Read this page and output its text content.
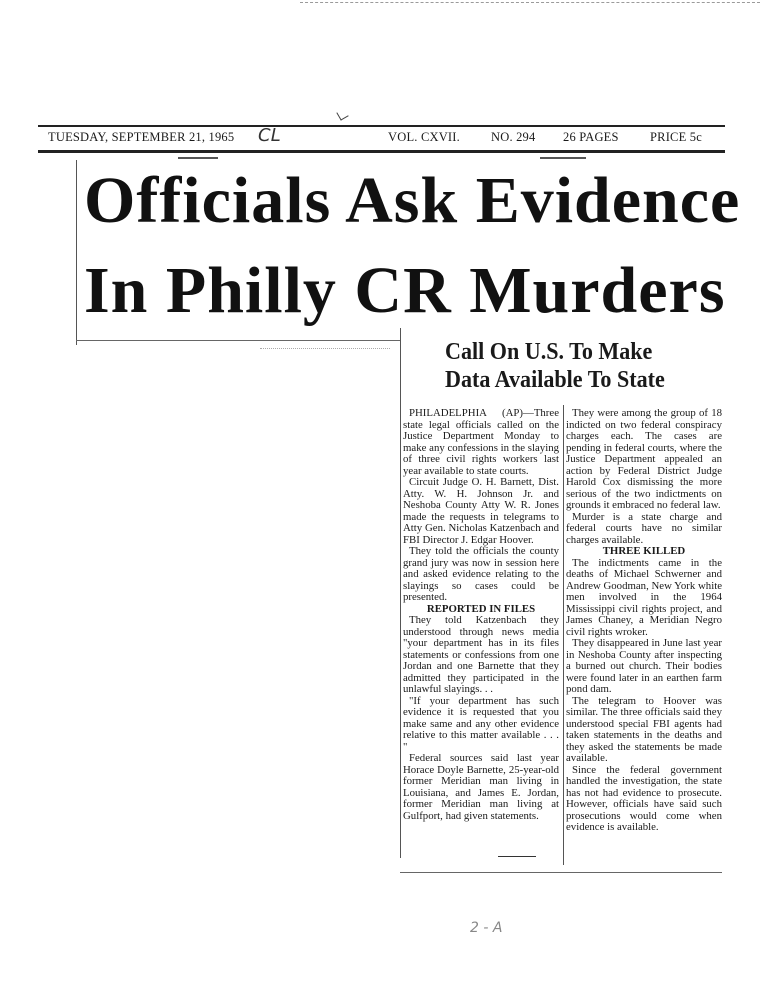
TUESDAY, SEPTEMBER 21, 1965 CL	VOL. CXVII. NO. 294 26 PAGES	PRICE 5c
Officials Ask Evidence
In Philly CR Murders
Call On U.S. To Make
Data Available To State

PHILADELPHIA (AP)—Three state legal officials called on the Justice Department Monday to make any confessions in the slaying of three civil rights workers last year available to state courts.

Circuit Judge O. H. Barnett, Dist. Atty. W. H. Johnson Jr. and Neshoba County Atty W. R. Jones made the requests in telegrams to Atty Gen. Nicholas Katzenbach and FBI Director J. Edgar Hoover.

They told the officials the county grand jury was now in session here and asked evidence relating to the slayings so cases could be presented.

REPORTED IN FILES

They told Katzenbach they understood through news media "your department has in its files statements or confessions from one Jordan and one Barnette that they admitted they participated in the unlawful slayings. . .

"If your department has such evidence it is requested that you make same and any other evidence relative to this matter available . . . "

Federal sources said last year Horace Doyle Barnette, 25-year-old former Meridian man living in Louisiana, and James E. Jordan, former Meridian man living at Gulfport, had given statements.

They were among the group of 18 indicted on two federal conspiracy charges each. The cases are pending in federal courts, where the Justice Department appealed an action by Federal District Judge Harold Cox dismissing the more serious of the two indictments on grounds it embraced no federal law.

Murder is a state charge and federal courts have no similar charges available.

THREE KILLED

The indictments came in the deaths of Michael Schwerner and Andrew Goodman, New York white men involved in the 1964 Mississippi civil rights project, and James Chaney, a Meridian Negro civil rights wroker.

They disappeared in June last year in Neshoba County after inspecting a burned out church. Their bodies were found later in an earthen farm pond dam.

The telegram to Hoover was similar. The three officials said they understood special FBI agents had taken statements in the deaths and they asked the statements be made available.

Since the federal government handled the investigation, the state has not had evidence to prosecute. However, officials have said such prosecutions would come when evidence is available.

2 - A
